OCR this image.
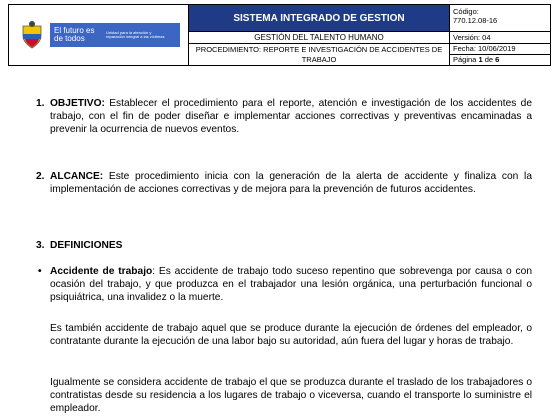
El futuro es de todos
Unidad para la atención y reparación integral a las víctimas
SISTEMA INTEGRADO DE GESTION
GESTIÓN DEL TALENTO HUMANO
PROCEDIMIENTO: REPORTE E INVESTIGACIÓN DE ACCIDENTES DE TRABAJO
Código:
770.12.08-16
Versión: 04
Fecha: 10/06/2019
Página 1 de 6
1. OBJETIVO: Establecer el procedimiento para el reporte, atención e investigación de los accidentes de trabajo, con el fin de poder diseñar e implementar acciones correctivas y preventivas encaminadas a prevenir la ocurrencia de nuevos eventos.
2. ALCANCE: Este procedimiento inicia con la generación de la alerta de accidente y finaliza con la implementación de acciones correctivas y de mejora para la prevención de futuros accidentes.
3. DEFINICIONES
• Accidente de trabajo: Es accidente de trabajo todo suceso repentino que sobrevenga por causa o con ocasión del trabajo, y que produzca en el trabajador una lesión orgánica, una perturbación funcional o psiquiátrica, una invalidez o la muerte.
Es también accidente de trabajo aquel que se produce durante la ejecución de órdenes del empleador, o contratante durante la ejecución de una labor bajo su autoridad, aún fuera del lugar y horas de trabajo.
Igualmente se considera accidente de trabajo el que se produzca durante el traslado de los trabajadores o contratistas desde su residencia a los lugares de trabajo o viceversa, cuando el transporte lo suministre el empleador.
